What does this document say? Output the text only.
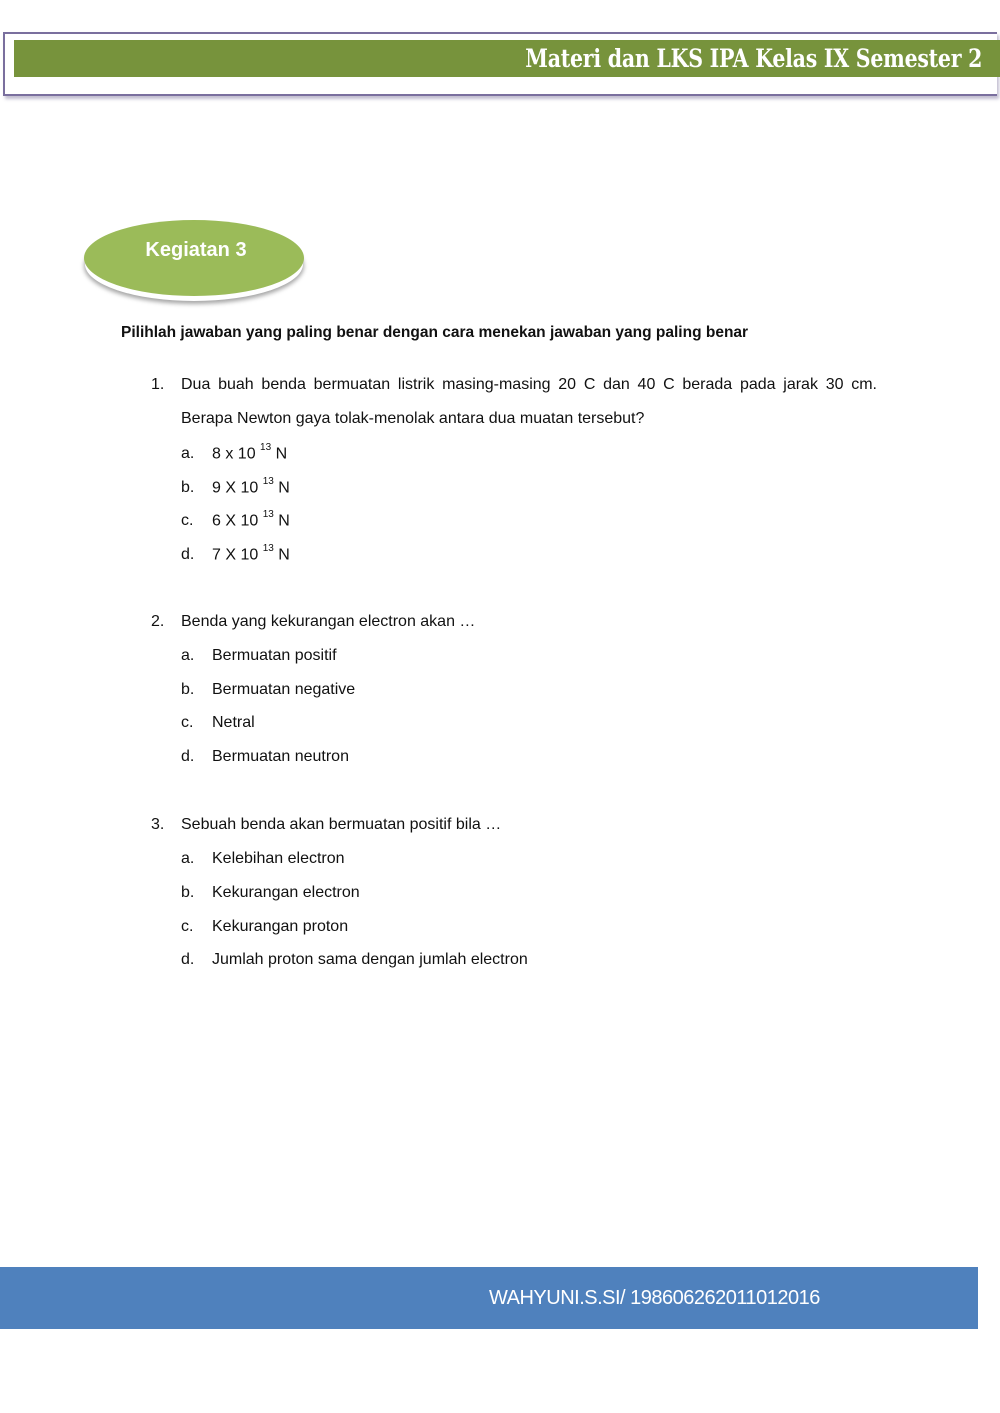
Materi dan LKS IPA Kelas IX Semester 2
Kegiatan 3
Pilihlah jawaban yang paling benar dengan cara menekan jawaban yang paling benar
1. Dua buah benda bermuatan listrik masing-masing 20 C dan 40 C berada pada jarak 30 cm.
Berapa Newton gaya tolak-menolak antara dua muatan tersebut?
a. 8 x 10 $^{13}$ N
b. 9 X 10 $^{13}$ N
c. 6 X 10 $^{13}$ N
d. 7 X 10 $^{13}$ N
2. Benda yang kekurangan electron akan …
a. Bermuatan positif
b. Bermuatan negative
c. Netral
d. Bermuatan neutron
3. Sebuah benda akan bermuatan positif bila …
a. Kelebihan electron
b. Kekurangan electron
c. Kekurangan proton
d. Jumlah proton sama dengan jumlah electron
WAHYUNI.S.SI/ 198606262011012016
